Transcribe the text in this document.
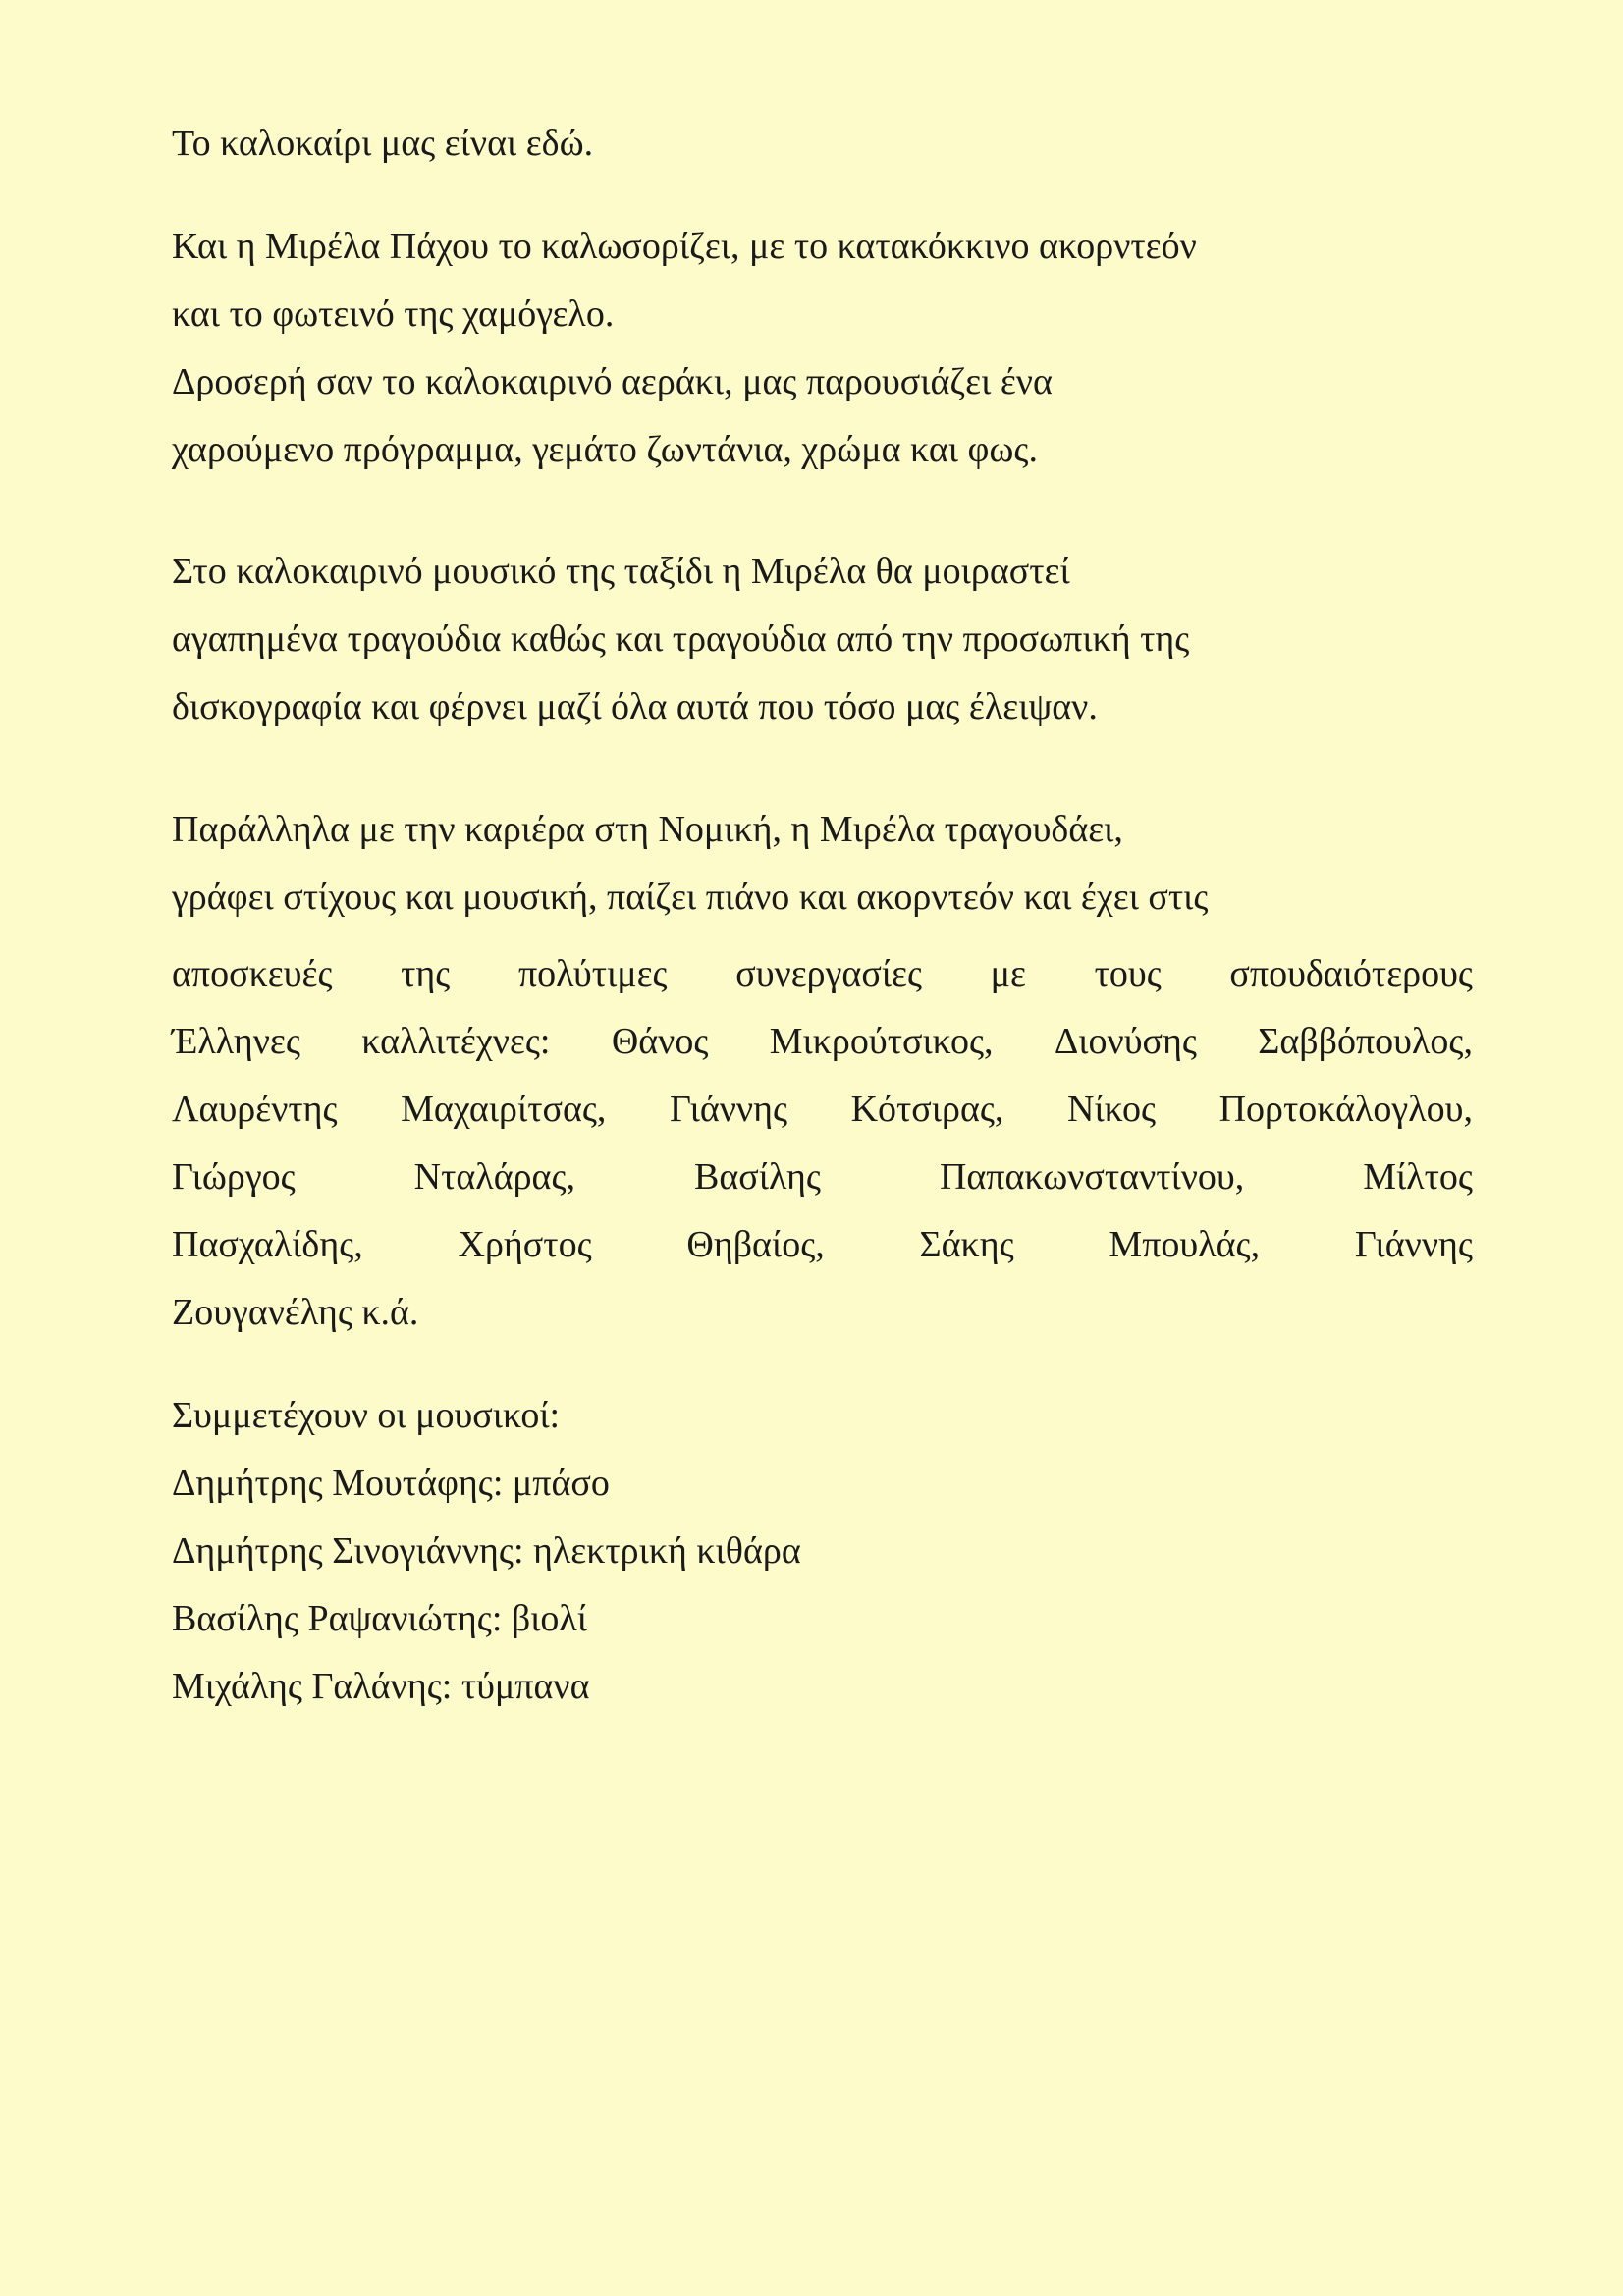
Το καλοκαίρι μας είναι εδώ.
Και η Μιρέλα Πάχου το καλωσορίζει, με το κατακόκκινο ακορντεόν
και το φωτεινό της χαμόγελο.
Δροσερή σαν το καλοκαιρινό αεράκι, μας παρουσιάζει ένα
χαρούμενο πρόγραμμα, γεμάτο ζωντάνια, χρώμα και φως.
Στο καλοκαιρινό μουσικό της ταξίδι η Μιρέλα θα μοιραστεί
αγαπημένα τραγούδια καθώς και τραγούδια από την προσωπική της
δισκογραφία και φέρνει μαζί όλα αυτά που τόσο μας έλειψαν.
Παράλληλα με την καριέρα στη Νομική, η Μιρέλα τραγουδάει,
γράφει στίχους και μουσική, παίζει πιάνο και ακορντεόν και έχει στις
αποσκευές της πολύτιμες συνεργασίες με τους σπουδαιότερους
Έλληνες καλλιτέχνες: Θάνος Μικρούτσικος, Διονύσης Σαββόπουλος,
Λαυρέντης Μαχαιρίτσας, Γιάννης Κότσιρας, Νίκος Πορτοκάλογλου,
Γιώργος	Νταλάρας,	Βασίλης	Παπακωνσταντίνου,	Μίλτος
Πασχαλίδης,	Χρήστος	Θηβαίος,	Σάκης	Μπουλάς,	Γιάννης
Ζουγανέλης κ.ά.
Συμμετέχουν οι μουσικοί:
Δημήτρης Μουτάφης: μπάσο
Δημήτρης Σινογιάννης: ηλεκτρική κιθάρα
Βασίλης Ραψανιώτης: βιολί
Μιχάλης Γαλάνης: τύμπανα
